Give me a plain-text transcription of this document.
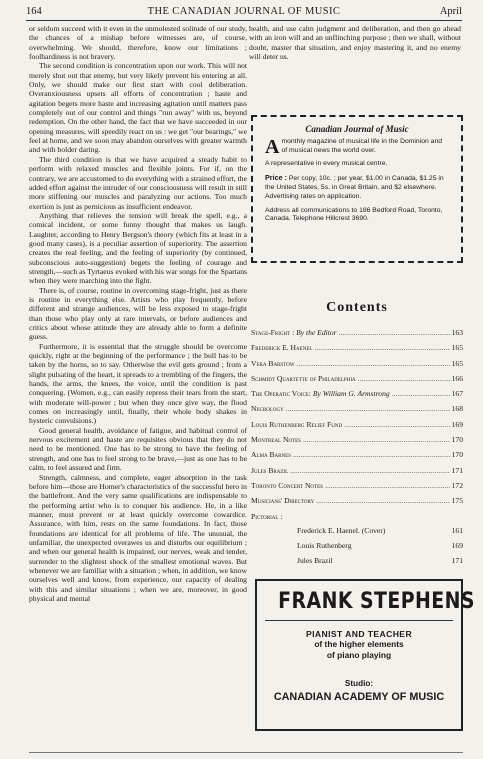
164	THE CANADIAN JOURNAL OF MUSIC	April

or seldom succeed with it even in the unmolested solitude of our study, the chances of a mishap before witnesses are, of course, overwhelming. We should, therefore, know our limitations ; foolhardiness is not bravery.

The second condition is concentration upon our work. This will not merely shut out that enemy, but very likely prevent his entering at all. Only, we should make our first start with cool deliberation. Overanxiousness upsets all efforts of concentration ; haste and agitation begets more haste and increasing agitation until matters pass completely out of our control and things "run away" with us, beyond redemption. On the other hand, the fact that we have succeeded in our opening measures, will speedily react on us : we get "our bearings," we feel at home, and we soon may abandon ourselves with greater warmth and with bolder daring.

The third condition is that we have acquired a steady habit to perform with relaxed muscles and flexible joints. For if, on the contrary, we are accustomed to do everything with a strained effort, the added effort against the intruder of our consciousness will result in still more stiffening our muscles and paralyzing our actions. Too much exertion is just as pernicious as insufficient endeavor.

Anything that relieves the tension will break the spell, e.g., a comical incident, or some funny thought that makes us laugh. Laughter, according to Henry Bergson's theory (which fits at least in a good many cases), is a peculiar assertion of superiority. The assertion creates the real feeling, and the feeling of superiority (by continued, subconscious auto-suggestion) begets the feeling of courage and strength,—such as Tyrtaeus evoked with his war songs for the Spartans when they were marching into the fight.

There is, of course, routine in overcoming stage-fright, just as there is routine in everything else. Artists who play frequently, before different and strange audiences, will be less exposed to stage-fright than those who play only at rare intervals, or before audiences and critics about whose attitude they are already able to form a definite guess.

Furthermore, it is essential that the struggle should be overcome quickly, right at the beginning of the performance ; the bull has to be taken by the horns, so to say. Otherwise the evil gets ground ; from a slight pulsating of the heart, it spreads to a trembling of the fingers, the hands, the arms, the knees, the voice, until the condition is past conquering. (Women, e.g., can easily repress their tears from the start, with moderate will-power ; but when they once give way, the flood comes on increasingly until, finally, their whole body shakes in hysteric convulsions.)

Good general health, avoidance of fatigue, and habitual control of nervous excitement and haste are requisites obvious that they do not need to be mentioned. One has to be strong to have the feeling of strength, and one has to feel strong to be brave,—just as one has to be calm, to feel assured and firm.

Strength, calmness, and complete, eager absorption in the task before him—those are Homer's characteristics of the successful hero in the battlefront. And the very same qualifications are indispensable to the performing artist who is to conquer his audience. He, in a like manner, must prevent or at least quickly overcome cowardice. Assurance, with him, rests on the same foundations. In fact, those foundations are identical for all problems of life. The unusual, the unfamiliar, the unexpected overawes us and disturbs our equilibrium ; and when our general health is impaired, our nerves, weak and tender, surrender to the slightest shock of the smallest emotional waves. But whenever we are familiar with a situation ; when, in addition, we know ourselves well and know, from experience, our capacity of dealing with this and similar situations ; when we are, moreover, in good physical and mental

health, and use calm judgment and deliberation, and then go ahead with an iron will and an unflinching purpose ; then we shall, without doubt, master that situation, and enjoy mastering it, and no enemy will deter us.

Canadian Journal of Music

Amonthly magazine of musical life in the Dominion and of musical news the world over.

A representative in every musical centre.

Price : Per copy, 10c. ; per year, $1.00 in Canada, $1.25 in the United States, 5s. in Great Britain, and $2 elsewhere. Advertising rates on application.

Address all communications to 186 Bedford Road, Toronto, Canada. Telephone Hillcrest 3690.

Contents
Stage-Fright : By the Editor .....	163
Frederick E. Haenel .....	165
Vera Barstow .....	165
Schmidt Quartette of Philadelphia .....	166
The Operatic Voice: By William G. Armstrong .....	167
Necrology .....	168
Louis Ruthenberg Relief Fund .....	169
Montreal Notes .....	170
Alma Barnes .....	170
Jules Brazil .....	171
Toronto Concert Notes .....	172
Musicians' Directory .....	175
Pictorial :
Frederick E. Haenel. (Cover)	161
Louis Ruthenberg	169
Jules Brazil	171
FRANK STEPHENS
PIANIST AND TEACHER
of the higher elements
of piano playing
Studio:
CANADIAN ACADEMY OF MUSIC
